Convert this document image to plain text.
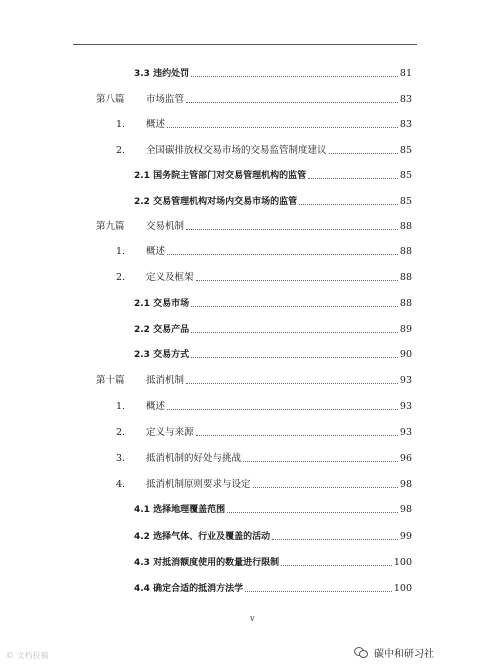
3.3 违约处罚	81
第八篇 市场监管	83
1. 概述	83
2. 全国碳排放权交易市场的交易监管制度建议	85
2.1 国务院主管部门对交易管理机构的监管	85
2.2 交易管理机构对场内交易市场的监管	85
第九篇 交易机制	88
1. 概述	88
2. 定义及框架	88
2.1 交易市场	88
2.2 交易产品	89
2.3 交易方式	90
第十篇 抵消机制	93
1. 概述	93
2. 定义与来源	93
3. 抵消机制的好处与挑战	96
4. 抵消机制原则要求与设定	98
4.1 选择地理覆盖范围	98
4.2 选择气体、行业及覆盖的活动	99
4.3 对抵消额度使用的数量进行限制	100
4.4 确定合适的抵消方法学	100
v
© 文档投稿	碳中和研习社
